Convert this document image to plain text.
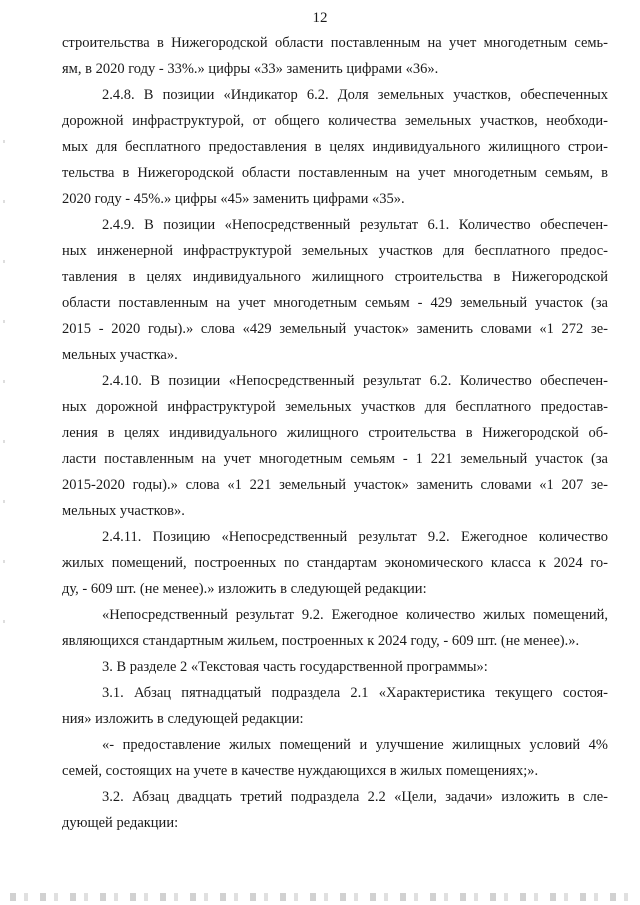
12

строительства в Нижегородской области поставленным на учет многодетным семь-
ям, в 2020 году - 33%.» цифры «33» заменить цифрами «36».

2.4.8. В позиции «Индикатор 6.2. Доля земельных участков, обеспеченных
дорожной инфраструктурой, от общего количества земельных участков, необходи-
мых для бесплатного предоставления в целях индивидуального жилищного строи-
тельства в Нижегородской области поставленным на учет многодетным семьям, в
2020 году - 45%.» цифры «45» заменить цифрами «35».

2.4.9. В позиции «Непосредственный результат 6.1. Количество обеспечен-
ных инженерной инфраструктурой земельных участков для бесплатного предос-
тавления в целях индивидуального жилищного строительства в Нижегородской
области поставленным на учет многодетным семьям - 429 земельный участок (за
2015 - 2020 годы).» слова «429 земельный участок» заменить словами «1 272 зе-
мельных участка».

2.4.10. В позиции «Непосредственный результат 6.2. Количество обеспечен-
ных дорожной инфраструктурой земельных участков для бесплатного предостав-
ления в целях индивидуального жилищного строительства в Нижегородской об-
ласти поставленным на учет многодетным семьям - 1 221 земельный участок (за
2015-2020 годы).» слова «1 221 земельный участок» заменить словами «1 207 зе-
мельных участков».

2.4.11. Позицию «Непосредственный результат 9.2. Ежегодное количество
жилых помещений, построенных по стандартам экономического класса к 2024 го-
ду, - 609 шт. (не менее).» изложить в следующей редакции:

«Непосредственный результат 9.2. Ежегодное количество жилых помещений,
являющихся стандартным жильем, построенных к 2024 году, - 609 шт. (не менее).».

3. В разделе 2 «Текстовая часть государственной программы»:

3.1. Абзац пятнадцатый подраздела 2.1 «Характеристика текущего состоя-
ния» изложить в следующей редакции:

«- предоставление жилых помещений и улучшение жилищных условий 4%
семей, состоящих на учете в качестве нуждающихся в жилых помещениях;».

3.2. Абзац двадцать третий подраздела 2.2 «Цели, задачи» изложить в сле-
дующей редакции:
